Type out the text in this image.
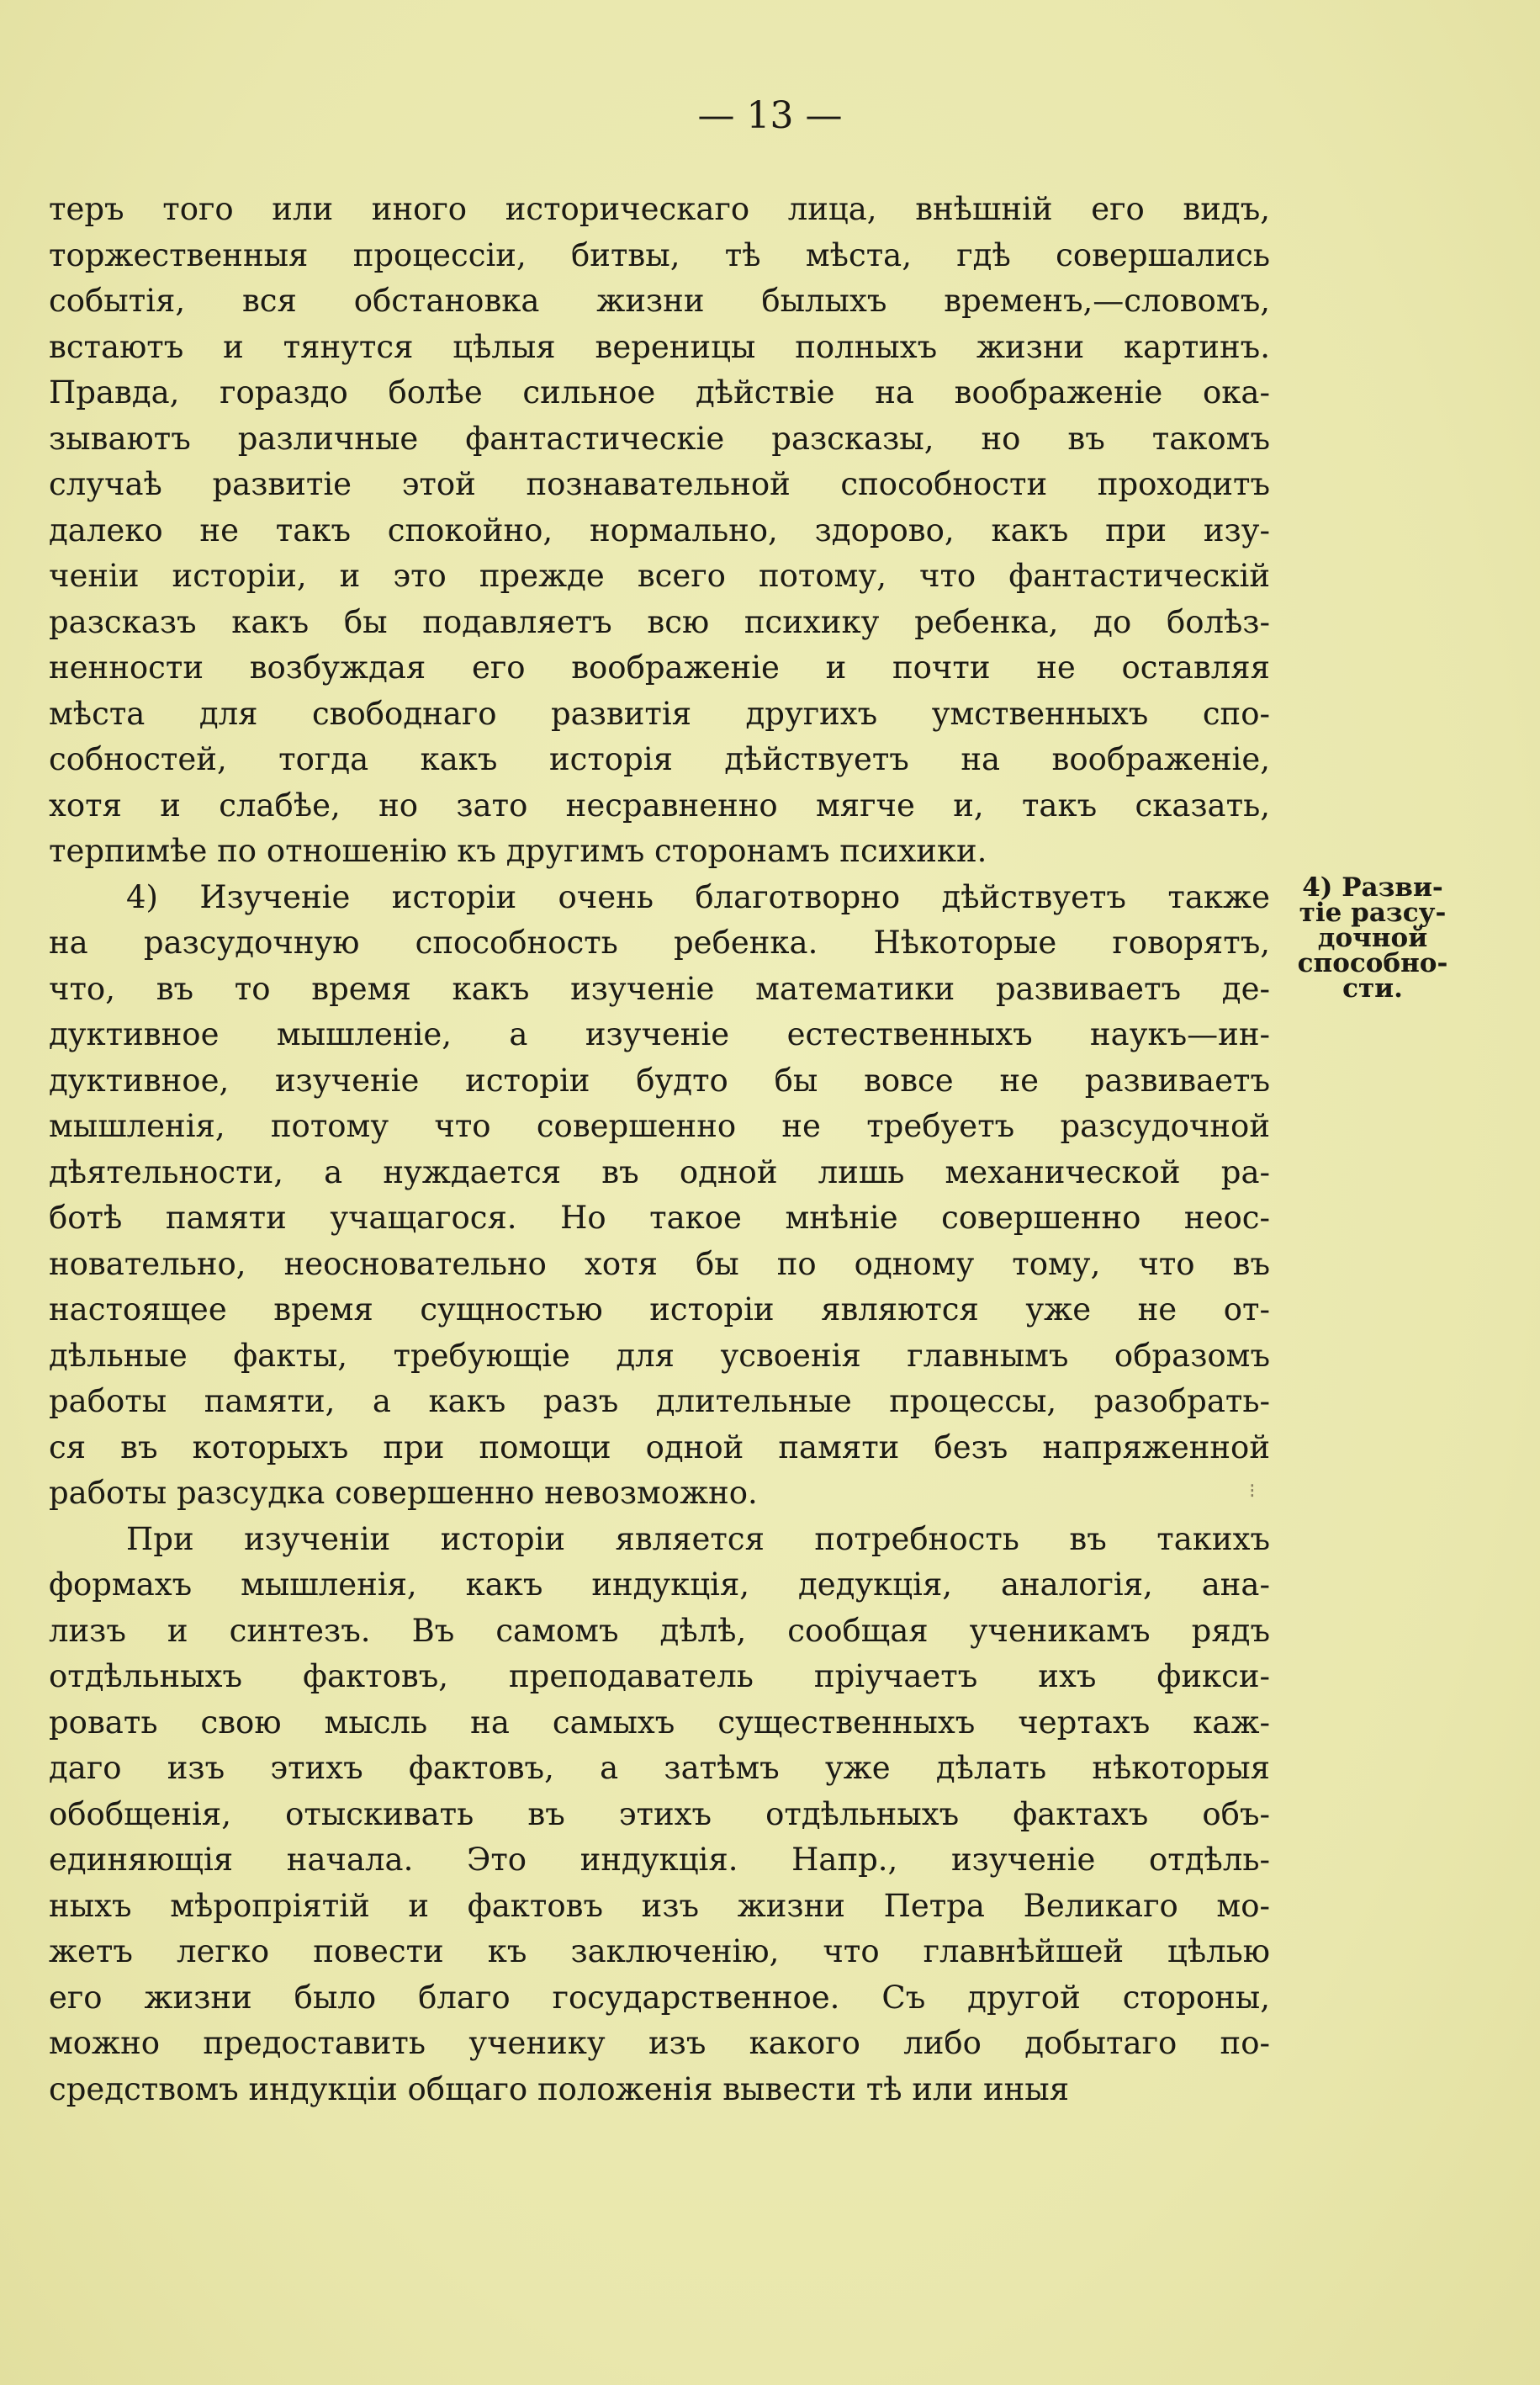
— 13 —
теръ того или иного историческаго лица, внѣшній его видъ,
торжественныя процессіи, битвы, тѣ мѣста, гдѣ совершались
событія, вся обстановка жизни былыхъ временъ,—словомъ,
встаютъ и тянутся цѣлыя вереницы полныхъ жизни картинъ.
Правда, гораздо болѣе сильное дѣйствіе на воображеніе ока-
зываютъ различные фантастическіе разсказы, но въ такомъ
случаѣ развитіе этой познавательной способности проходитъ
далеко не такъ спокойно, нормально, здорово, какъ при изу-
ченіи исторіи, и это прежде всего потому, что фантастическій
разсказъ какъ бы подавляетъ всю психику ребенка, до болѣз-
ненности возбуждая его воображеніе и почти не оставляя
мѣста для свободнаго развитія другихъ умственныхъ спо-
собностей, тогда какъ исторія дѣйствуетъ на воображеніе,
хотя и слабѣе, но зато несравненно мягче и, такъ сказать,
терпимѣе по отношенію къ другимъ сторонамъ психики.
4) Изученіе исторіи очень благотворно дѣйствуетъ также
на разсудочную способность ребенка. Нѣкоторые говорятъ,
что, въ то время какъ изученіе математики развиваетъ де-
дуктивное мышленіе, а изученіе естественныхъ наукъ—ин-
дуктивное, изученіе исторіи будто бы вовсе не развиваетъ
мышленія, потому что совершенно не требуетъ разсудочной
дѣятельности, а нуждается въ одной лишь механической ра-
ботѣ памяти учащагося. Но такое мнѣніе совершенно неос-
новательно, неосновательно хотя бы по одному тому, что въ
настоящее время сущностью исторіи являются уже не от-
дѣльные факты, требующіе для усвоенія главнымъ образомъ
работы памяти, а какъ разъ длительные процессы, разобрать-
ся въ которыхъ при помощи одной памяти безъ напряженной
работы разсудка совершенно невозможно.
При изученіи исторіи является потребность въ такихъ
формахъ мышленія, какъ индукція, дедукція, аналогія, ана-
лизъ и синтезъ. Въ самомъ дѣлѣ, сообщая ученикамъ рядъ
отдѣльныхъ фактовъ, преподаватель пріучаетъ ихъ фикси-
ровать свою мысль на самыхъ существенныхъ чертахъ каж-
даго изъ этихъ фактовъ, а затѣмъ уже дѣлать нѣкоторыя
обобщенія, отыскивать въ этихъ отдѣльныхъ фактахъ объ-
единяющія начала. Это индукція. Напр., изученіе отдѣль-
ныхъ мѣропріятій и фактовъ изъ жизни Петра Великаго мо-
жетъ легко повести къ заключенію, что главнѣйшей цѣлью
его жизни было благо государственное. Съ другой стороны,
можно предоставить ученику изъ какого либо добытаго по-
средствомъ индукціи общаго положенія вывести тѣ или иныя
4) Разви-
тіе разсу-
дочной
способно-
сти.
⁝
